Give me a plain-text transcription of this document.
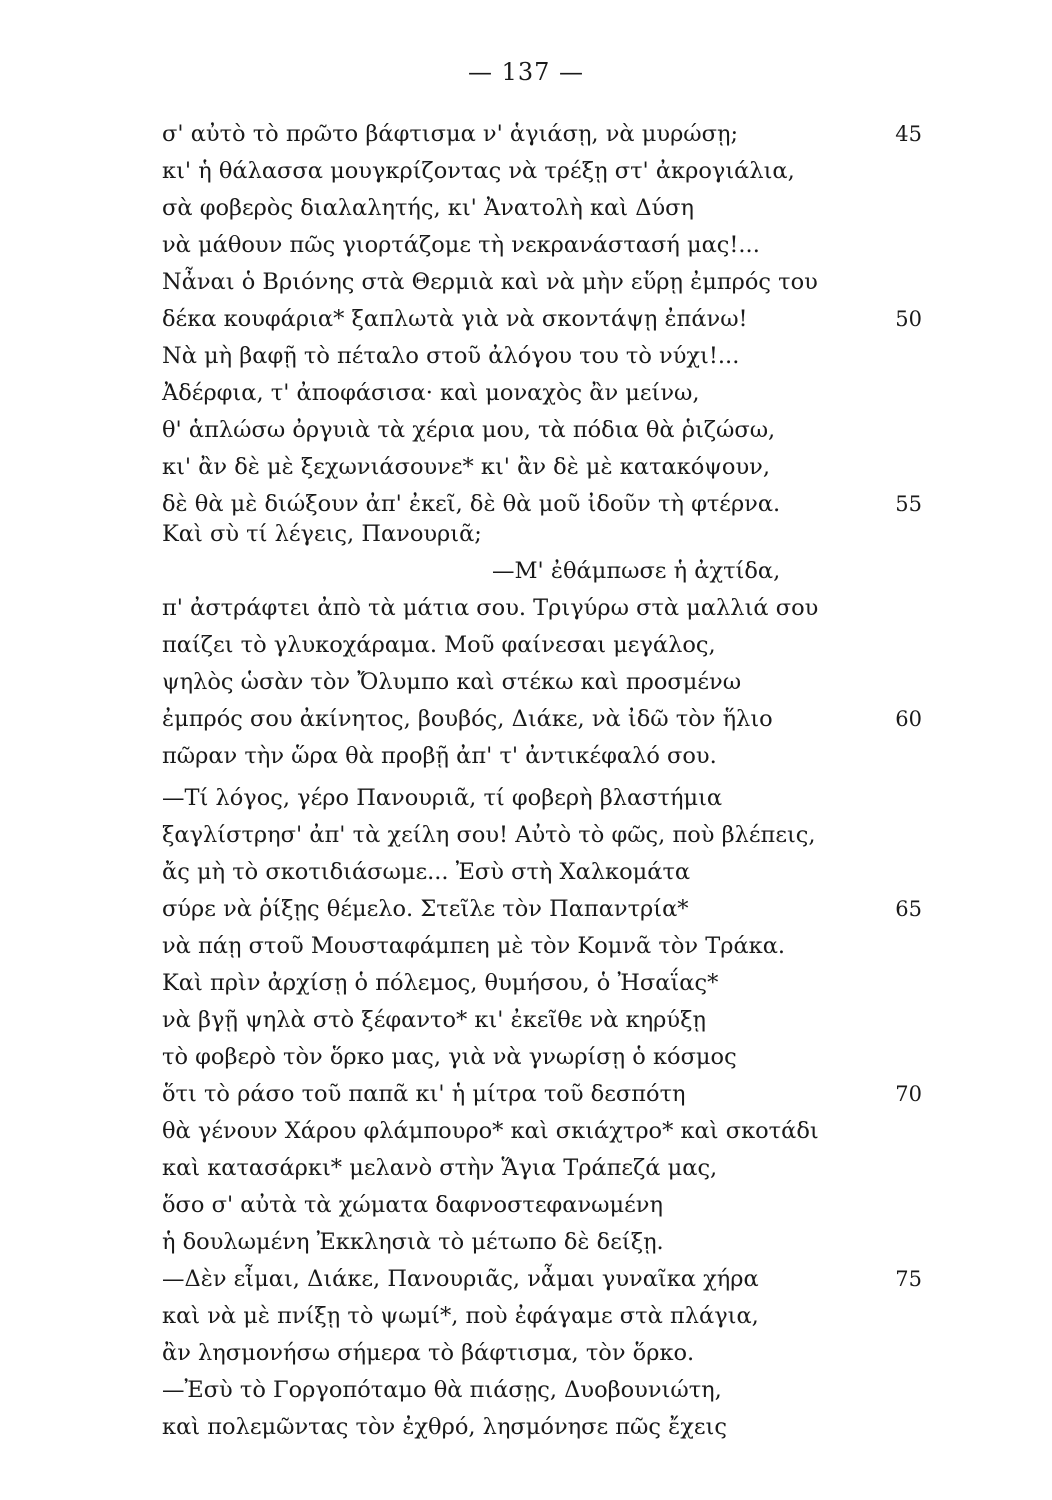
— 137 —
σ' αὐτὸ τὸ πρῶτο βάφτισμα ν' ἁγιάσῃ, νὰ μυρώσῃ;	45
κι' ἡ θάλασσα μουγκρίζοντας νὰ τρέξῃ στ' ἀκρογιάλια,
σὰ φοβερὸς διαλαλητής, κι' Ἀνατολὴ καὶ Δύση
νὰ μάθουν πῶς γιορτάζομε τὴ νεκρανάστασή μας!...
Νἆναι ὁ Βριόνης στὰ Θερμιὰ καὶ νὰ μὴν εὕρῃ ἐμπρός του
δέκα κουφάρια* ξαπλωτὰ γιὰ νὰ σκοντάψῃ ἐπάνω!	50
Νὰ μὴ βαφῇ τὸ πέταλο στοῦ ἀλόγου του τὸ νύχι!...
Ἀδέρφια, τ' ἀποφάσισα· καὶ μοναχὸς ἂν μείνω,
θ' ἁπλώσω ὀργυιὰ τὰ χέρια μου, τὰ πόδια θὰ ῥιζώσω,
κι' ἂν δὲ μὲ ξεχωνιάσουνε* κι' ἂν δὲ μὲ κατακόψουν,
δὲ θὰ μὲ διώξουν ἀπ' ἐκεῖ, δὲ θὰ μοῦ ἰδοῦν τὴ φτέρνα.	55
Καὶ σὺ τί λέγεις, Πανουριᾶ;
—Μ' ἐθάμπωσε ἡ ἀχτίδα,
π' ἀστράφτει ἀπὸ τὰ μάτια σου. Τριγύρω στὰ μαλλιά σου
παίζει τὸ γλυκοχάραμα. Μοῦ φαίνεσαι μεγάλος,
ψηλὸς ὡσὰν τὸν Ὄλυμπο καὶ στέκω καὶ προσμένω
ἐμπρός σου ἀκίνητος, βουβός, Διάκε, νὰ ἰδῶ τὸν ἥλιο	60
πῶραν τὴν ὥρα θὰ προβῇ ἀπ' τ' ἀντικέφαλό σου.
—Τί λόγος, γέρο Πανουριᾶ, τί φοβερὴ βλαστήμια
ξαγλίστρησ' ἀπ' τὰ χείλη σου! Αὐτὸ τὸ φῶς, ποὺ βλέπεις,
ἄς μὴ τὸ σκοτιδιάσωμε... Ἐσὺ στὴ Χαλκομάτα
σύρε νὰ ῥίξῃς θέμελο. Στεῖλε τὸν Παπαντρία*	65
νὰ πάῃ στοῦ Μουσταφάμπεη μὲ τὸν Κομνᾶ τὸν Τράκα.
Καὶ πρὶν ἀρχίσῃ ὁ πόλεμος, θυμήσου, ὁ Ἠσαΐας*
νὰ βγῇ ψηλὰ στὸ ξέφαντο* κι' ἐκεῖθε νὰ κηρύξῃ
τὸ φοβερὸ τὸν ὅρκο μας, γιὰ νὰ γνωρίσῃ ὁ κόσμος
ὅτι τὸ ράσο τοῦ παπᾶ κι' ἡ μίτρα τοῦ δεσπότη	70
θὰ γένουν Χάρου φλάμπουρο* καὶ σκιάχτρο* καὶ σκοτάδι
καὶ κατασάρκι* μελανὸ στὴν Ἅγια Τράπεζά μας,
ὅσο σ' αὐτὰ τὰ χώματα δαφνοστεφανωμένη
ἡ δουλωμένη Ἐκκλησιὰ τὸ μέτωπο δὲ δείξῃ.
—Δὲν εἶμαι, Διάκε, Πανουριᾶς, νἆμαι γυναῖκα χήρα	75
καὶ νὰ μὲ πνίξῃ τὸ ψωμί*, ποὺ ἐφάγαμε στὰ πλάγια,
ἂν λησμονήσω σήμερα τὸ βάφτισμα, τὸν ὅρκο.
—Ἐσὺ τὸ Γοργοπόταμο θὰ πιάσῃς, Δυοβουνιώτη,
καὶ πολεμῶντας τὸν ἐχθρό, λησμόνησε πῶς ἔχεις
